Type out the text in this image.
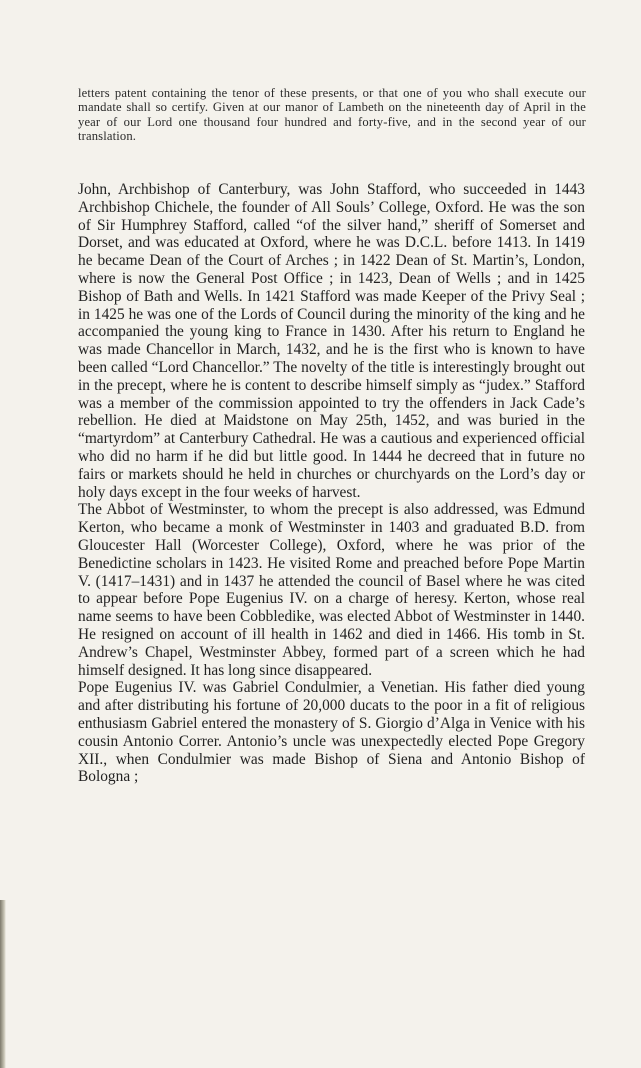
letters patent containing the tenor of these presents, or that one of you who shall execute our mandate shall so certify. Given at our manor of Lambeth on the nineteenth day of April in the year of our Lord one thousand four hundred and forty-five, and in the second year of our translation.

John, Archbishop of Canterbury, was John Stafford, who succeeded in 1443 Archbishop Chichele, the founder of All Souls’ College, Oxford. He was the son of Sir Humphrey Stafford, called “of the silver hand,” sheriff of Somerset and Dorset, and was educated at Oxford, where he was D.C.L. before 1413. In 1419 he became Dean of the Court of Arches ; in 1422 Dean of St. Martin’s, London, where is now the General Post Office ; in 1423, Dean of Wells ; and in 1425 Bishop of Bath and Wells. In 1421 Stafford was made Keeper of the Privy Seal ; in 1425 he was one of the Lords of Council during the minority of the king and he accompanied the young king to France in 1430. After his return to England he was made Chancellor in March, 1432, and he is the first who is known to have been called “Lord Chancellor.” The novelty of the title is interestingly brought out in the precept, where he is content to describe himself simply as “judex.” Stafford was a member of the commission appointed to try the offenders in Jack Cade’s rebellion. He died at Maidstone on May 25th, 1452, and was buried in the “martyrdom” at Canterbury Cathedral. He was a cautious and experienced official who did no harm if he did but little good. In 1444 he decreed that in future no fairs or markets should he held in churches or churchyards on the Lord’s day or holy days except in the four weeks of harvest.

The Abbot of Westminster, to whom the precept is also addressed, was Edmund Kerton, who became a monk of Westminster in 1403 and graduated B.D. from Gloucester Hall (Worcester College), Oxford, where he was prior of the Benedictine scholars in 1423. He visited Rome and preached before Pope Martin V. (1417–1431) and in 1437 he attended the council of Basel where he was cited to appear before Pope Eugenius IV. on a charge of heresy. Kerton, whose real name seems to have been Cobbledike, was elected Abbot of Westminster in 1440. He resigned on account of ill health in 1462 and died in 1466. His tomb in St. Andrew’s Chapel, Westminster Abbey, formed part of a screen which he had himself designed. It has long since disappeared.

Pope Eugenius IV. was Gabriel Condulmier, a Venetian. His father died young and after distributing his fortune of 20,000 ducats to the poor in a fit of religious enthusiasm Gabriel entered the monastery of S. Giorgio d’Alga in Venice with his cousin Antonio Correr. Antonio’s uncle was unexpectedly elected Pope Gregory XII., when Condulmier was made Bishop of Siena and Antonio Bishop of Bologna ;
